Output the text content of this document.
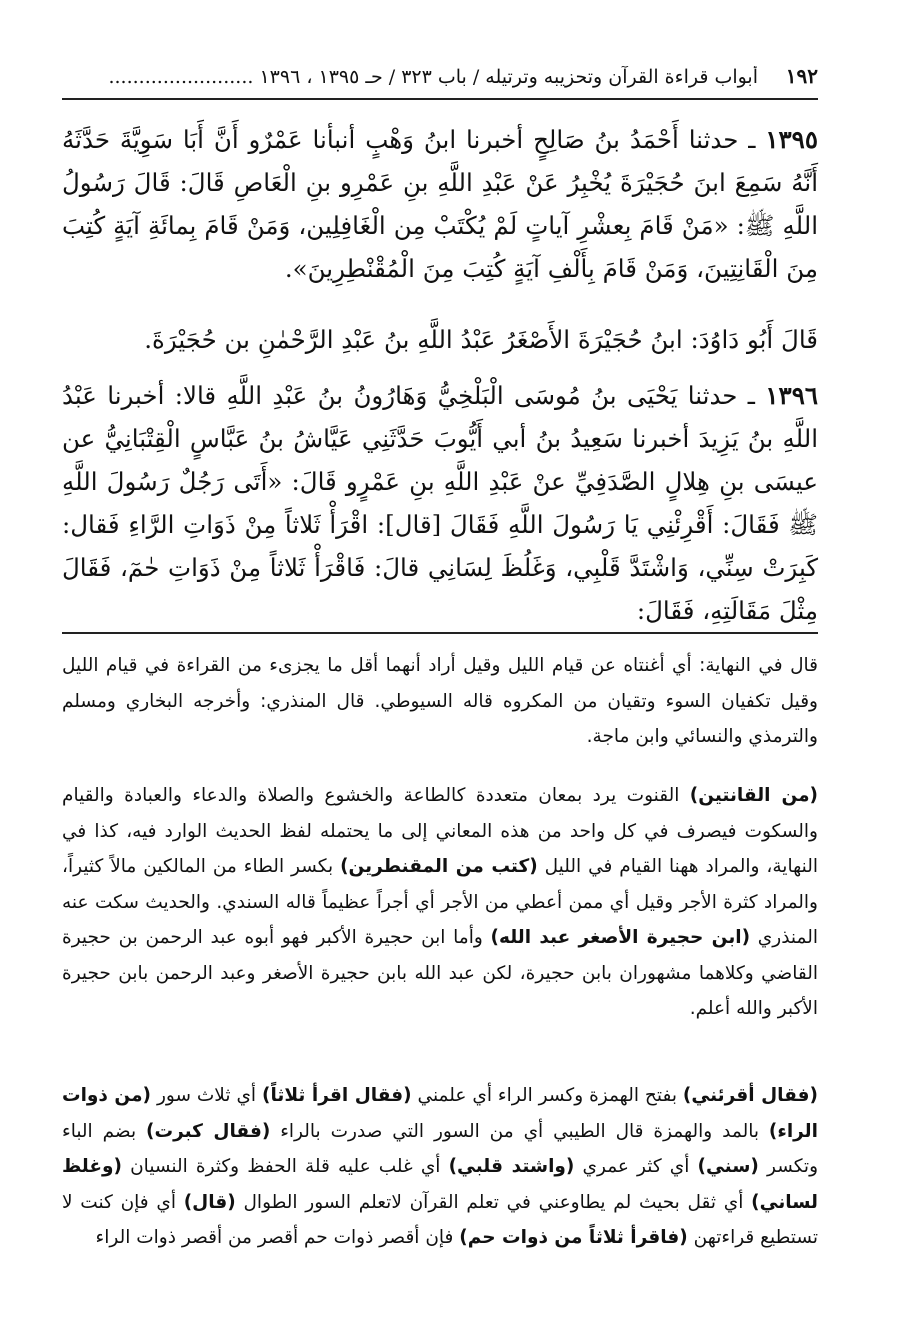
١٩٢
أبواب قراءة القرآن وتحزيبه وترتيله / باب ٣٢٣ / حـ ١٣٩٥ ، ١٣٩٦ ........................
١٣٩٥ ـ حدثنا أَحْمَدُ بنُ صَالِحٍ أخبرنا ابنُ وَهْبٍ أنبأنا عَمْرٌو أَنَّ أَبَا سَوِيَّةَ حَدَّثَهُ أَنَّهُ سَمِعَ ابنَ حُجَيْرَةَ يُخْبِرُ عَنْ عَبْدِ اللَّهِ بنِ عَمْرِو بنِ الْعَاصِ قَالَ: قَالَ رَسُولُ اللَّهِ ﷺ: «مَنْ قَامَ بِعشْرِ آياتٍ لَمْ يُكْتَبْ مِن الْغَافِلِين، وَمَنْ قَامَ بِمائَةِ آيَةٍ كُتِبَ مِنَ الْقَانِتِينَ، وَمَنْ قَامَ بِأَلْفِ آيَةٍ كُتِبَ مِنَ الْمُقْنْطِرِينَ».
قَالَ أَبُو دَاوُدَ: ابنُ حُجَيْرَةَ الأَصْغَرُ عَبْدُ اللَّهِ بنُ عَبْدِ الرَّحْمٰنِ بن حُجَيْرَةَ.
١٣٩٦ ـ حدثنا يَحْيَى بنُ مُوسَى الْبَلْخِيُّ وَهَارُونُ بنُ عَبْدِ اللَّهِ قالا: أخبرنا عَبْدُ اللَّهِ بنُ يَزِيدَ أخبرنا سَعِيدُ بنُ أبي أَيُّوبَ حَدَّثَنِي عَيَّاشُ بنُ عَبَّاسٍ الْقِتْبَانِيُّ عن عيسَى بنِ هِلالٍ الصَّدَفِيِّ عنْ عَبْدِ اللَّهِ بنِ عَمْرٍو قَالَ: «أَتَى رَجُلٌ رَسُولَ اللَّهِ ﷺ فَقَالَ: أَقْرِئْنِي يَا رَسُولَ اللَّهِ فَقَالَ [قال]: اقْرَأْ ثَلاثاً مِنْ ذَوَاتِ الرَّاءِ فَقال: كَبِرَتْ سِنِّي، وَاشْتَدَّ قَلْبِي، وَغَلُظَ لِسَانِي قالَ: فَاقْرَأْ ثَلاثاً مِنْ ذَوَاتِ حٰمٓ، فَقَالَ مِثْلَ مَقَالَتِهِ، فَقَالَ:
قال في النهاية: أي أغنتاه عن قيام الليل وقيل أراد أنهما أقل ما يجزىء من القراءة في قيام الليل وقيل تكفيان السوء وتقيان من المكروه قاله السيوطي. قال المنذري: وأخرجه البخاري ومسلم والترمذي والنسائي وابن ماجة.
(من القانتين) القنوت يرد بمعان متعددة كالطاعة والخشوع والصلاة والدعاء والعبادة والقيام والسكوت فيصرف في كل واحد من هذه المعاني إلى ما يحتمله لفظ الحديث الوارد فيه، كذا في النهاية، والمراد ههنا القيام في الليل (كتب من المقنطرين) بكسر الطاء من المالكين مالاً كثيراً، والمراد كثرة الأجر وقيل أي ممن أعطي من الأجر أي أجراً عظيماً قاله السندي. والحديث سكت عنه المنذري (ابن حجيرة الأصغر عبد الله) وأما ابن حجيرة الأكبر فهو أبوه عبد الرحمن بن حجيرة القاضي وكلاهما مشهوران بابن حجيرة، لكن عبد الله بابن حجيرة الأصغر وعبد الرحمن بابن حجيرة الأكبر والله أعلم.
(فقال أقرئني) بفتح الهمزة وكسر الراء أي علمني (فقال اقرأ ثلاثاً) أي ثلاث سور (من ذوات الراء) بالمد والهمزة قال الطيبي أي من السور التي صدرت بالراء (فقال كبرت) بضم الباء وتكسر (سني) أي كثر عمري (واشتد قلبي) أي غلب عليه قلة الحفظ وكثرة النسيان (وغلظ لساني) أي ثقل بحيث لم يطاوعني في تعلم القرآن لاتعلم السور الطوال (قال) أي فإن كنت لا تستطيع قراءتهن (فاقرأ ثلاثاً من ذوات حم) فإن أقصر ذوات حم أقصر من أقصر ذوات الراء
